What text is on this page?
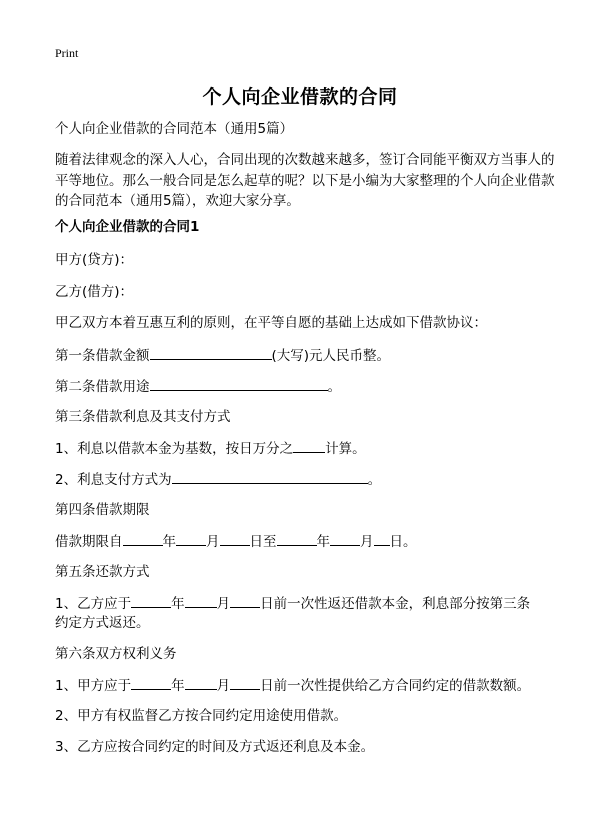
Print
个人向企业借款的合同
个人向企业借款的合同范本（通用5篇）
随着法律观念的深入人心，合同出现的次数越来越多，签订合同能平衡双方当事人的平等地位。那么一般合同是怎么起草的呢？以下是小编为大家整理的个人向企业借款的合同范本（通用5篇），欢迎大家分享。
个人向企业借款的合同1
甲方(贷方)：
乙方(借方)：
甲乙双方本着互惠互利的原则，在平等自愿的基础上达成如下借款协议：
第一条借款金额	(大写)元人民币整。
第二条借款用途	。
第三条借款利息及其支付方式
1、利息以借款本金为基数，按日万分之 计算。
2、利息支付方式为	。
第四条借款期限
借款期限自	年 月 日至	年 月 日。
第五条还款方式
1、乙方应于	年 月 日前一次性返还借款本金，利息部分按第三条
约定方式返还。
第六条双方权利义务
1、甲方应于	年 月 日前一次性提供给乙方合同约定的借款数额。
2、甲方有权监督乙方按合同约定用途使用借款。
3、乙方应按合同约定的时间及方式返还利息及本金。
